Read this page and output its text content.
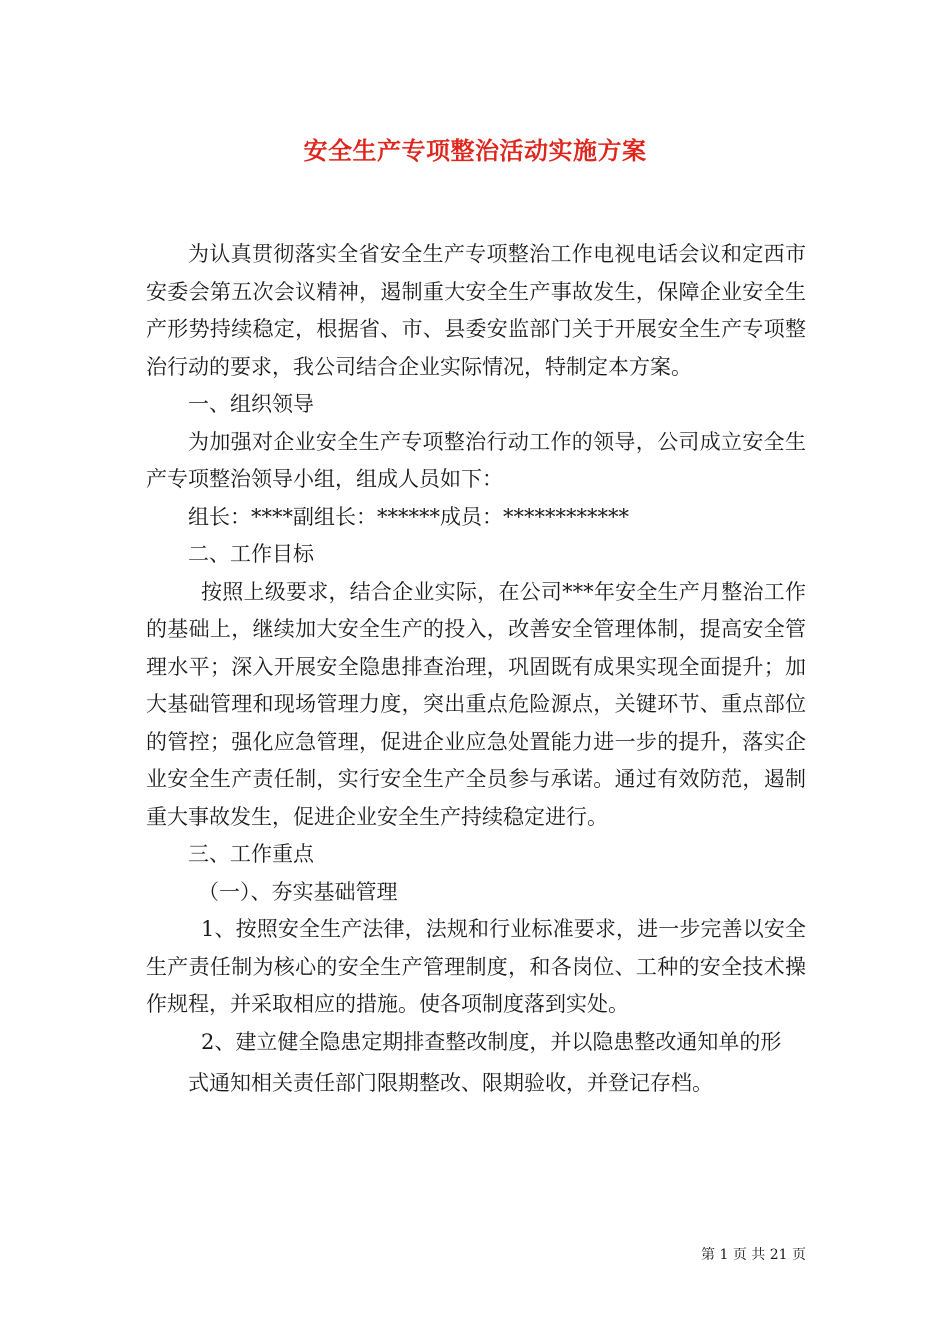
安全生产专项整治活动实施方案

为认真贯彻落实全省安全生产专项整治工作电视电话会议和定西市安委会第五次会议精神，遏制重大安全生产事故发生，保障企业安全生产形势持续稳定，根据省、市、县委安监部门关于开展安全生产专项整治行动的要求，我公司结合企业实际情况，特制定本方案。

一、组织领导

为加强对企业安全生产专项整治行动工作的领导，公司成立安全生产专项整治领导小组，组成人员如下：

组长：****副组长：******成员：************

二、工作目标

按照上级要求，结合企业实际，在公司***年安全生产月整治工作的基础上，继续加大安全生产的投入，改善安全管理体制，提高安全管理水平；深入开展安全隐患排查治理，巩固既有成果实现全面提升；加大基础管理和现场管理力度，突出重点危险源点，关键环节、重点部位的管控；强化应急管理，促进企业应急处置能力进一步的提升，落实企业安全生产责任制，实行安全生产全员参与承诺。通过有效防范，遏制重大事故发生，促进企业安全生产持续稳定进行。

三、工作重点

（一）、夯实基础管理

1、按照安全生产法律，法规和行业标准要求，进一步完善以安全生产责任制为核心的安全生产管理制度，和各岗位、工种的安全技术操作规程，并采取相应的措施。使各项制度落到实处。

2、建立健全隐患定期排查整改制度，并以隐患整改通知单的形

式通知相关责任部门限期整改、限期验收，并登记存档。

第 1 页 共 21 页
